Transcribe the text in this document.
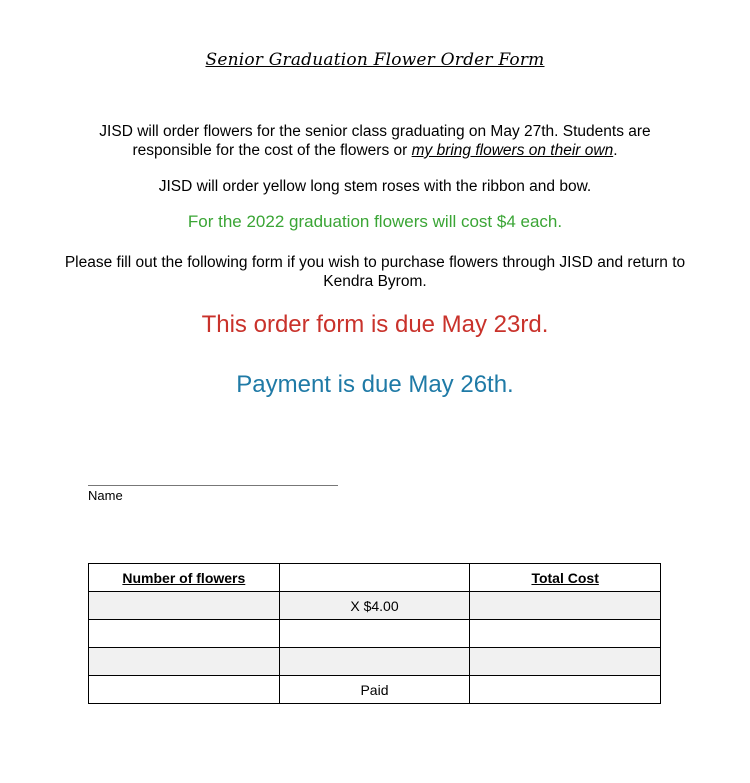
Senior Graduation Flower Order Form
JISD will order flowers for the senior class graduating on May 27th. Students are responsible for the cost of the flowers or my bring flowers on their own.
JISD will order yellow long stem roses with the ribbon and bow.
For the 2022 graduation flowers will cost $4 each.
Please fill out the following form if you wish to purchase flowers through JISD and return to Kendra Byrom.
This order form is due May 23rd.
Payment is due May 26th.
Name
Number of flowers		Total Cost
	X $4.00	

	Paid	
